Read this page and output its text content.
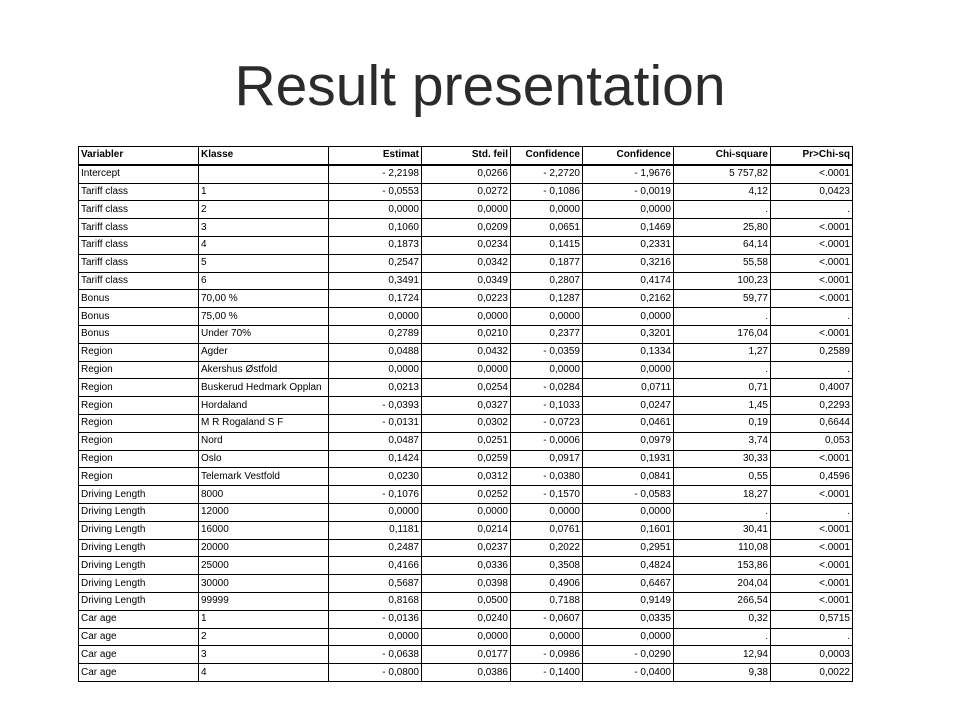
Result presentation
Variabler	Klasse	Estimat	Std. feil	Confidence	Confidence	Chi-square	Pr>Chi-sq
Intercept		- 2,2198	0,0266	- 2,2720	- 1,9676	5 757,82	<.0001
Tariff class	1	- 0,0553	0,0272	- 0,1086	- 0,0019	4,12	0,0423
Tariff class	2	0,0000	0,0000	0,0000	0,0000	.	.
Tariff class	3	0,1060	0,0209	0,0651	0,1469	25,80	<.0001
Tariff class	4	0,1873	0,0234	0,1415	0,2331	64,14	<.0001
Tariff class	5	0,2547	0,0342	0,1877	0,3216	55,58	<.0001
Tariff class	6	0,3491	0,0349	0,2807	0,4174	100,23	<.0001
Bonus	70,00 %	0,1724	0,0223	0,1287	0,2162	59,77	<.0001
Bonus	75,00 %	0,0000	0,0000	0,0000	0,0000	.	.
Bonus	Under 70%	0,2789	0,0210	0,2377	0,3201	176,04	<.0001
Region	Agder	0,0488	0,0432	- 0,0359	0,1334	1,27	0,2589
Region	Akershus Østfold	0,0000	0,0000	0,0000	0,0000	.	.
Region	Buskerud Hedmark Opplan	0,0213	0,0254	- 0,0284	0,0711	0,71	0,4007
Region	Hordaland	- 0,0393	0,0327	- 0,1033	0,0247	1,45	0,2293
Region	M R Rogaland S F	- 0,0131	0,0302	- 0,0723	0,0461	0,19	0,6644
Region	Nord	0,0487	0,0251	- 0,0006	0,0979	3,74	0,053
Region	Oslo	0,1424	0,0259	0,0917	0,1931	30,33	<.0001
Region	Telemark Vestfold	0,0230	0,0312	- 0,0380	0,0841	0,55	0,4596
Driving Length	8000	- 0,1076	0,0252	- 0,1570	- 0,0583	18,27	<.0001
Driving Length	12000	0,0000	0,0000	0,0000	0,0000	.	.
Driving Length	16000	0,1181	0,0214	0,0761	0,1601	30,41	<.0001
Driving Length	20000	0,2487	0,0237	0,2022	0,2951	110,08	<.0001
Driving Length	25000	0,4166	0,0336	0,3508	0,4824	153,86	<.0001
Driving Length	30000	0,5687	0,0398	0,4906	0,6467	204,04	<.0001
Driving Length	99999	0,8168	0,0500	0,7188	0,9149	266,54	<.0001
Car age	1	- 0,0136	0,0240	- 0,0607	0,0335	0,32	0,5715
Car age	2	0,0000	0,0000	0,0000	0,0000	.	.
Car age	3	- 0,0638	0,0177	- 0,0986	- 0,0290	12,94	0,0003
Car age	4	- 0,0800	0,0386	- 0,1400	- 0,0400	9,38	0,0022
